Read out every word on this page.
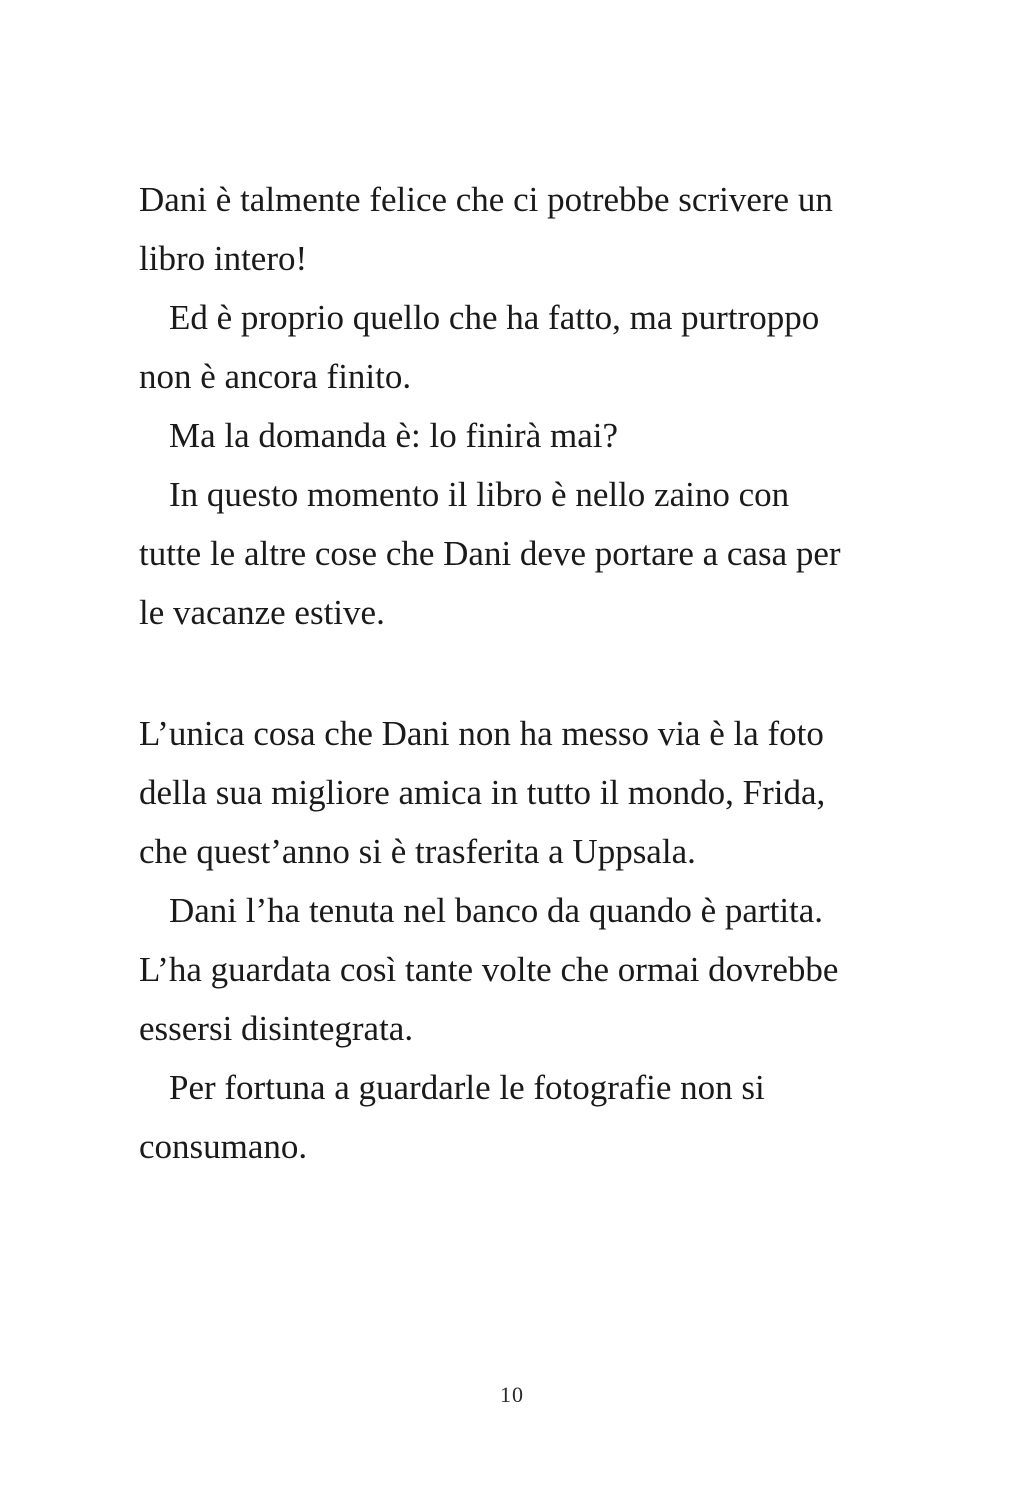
Dani è talmente felice che ci potrebbe scrivere un
libro intero!

Ed è proprio quello che ha fatto, ma purtroppo
non è ancora finito.

Ma la domanda è: lo finirà mai?

In questo momento il libro è nello zaino con
tutte le altre cose che Dani deve portare a casa per
le vacanze estive.

L’unica cosa che Dani non ha messo via è la foto
della sua migliore amica in tutto il mondo, Frida,
che quest’anno si è trasferita a Uppsala.

Dani l’ha tenuta nel banco da quando è partita.
L’ha guardata così tante volte che ormai dovrebbe
essersi disintegrata.

Per fortuna a guardarle le fotografie non si
consumano.

10
